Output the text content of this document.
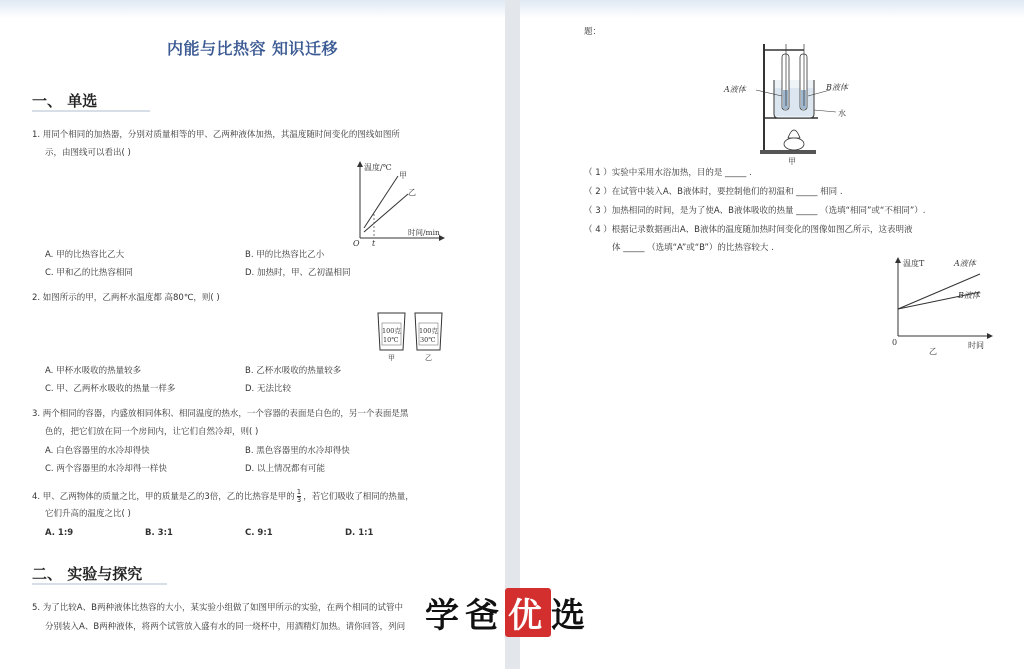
内能与比热容 知识迁移
一、 单选
1. 用同个相同的加热器，分别对质量相等的甲、乙两种液体加热，其温度随时间变化的图线如图所
示，由图线可以看出( )
温度/℃
时间/min
O t
甲
乙
A. 甲的比热容比乙大	B. 甲的比热容比乙小
C. 甲和乙的比热容相同	D. 加热时，甲、乙初温相同
2. 如图所示的甲，乙两杯水温度都 高80℃，则( )
100克
10℃
100克
30℃
甲	乙
A. 甲杯水吸收的热量较多	B. 乙杯水吸收的热量较多
C. 甲、乙两杯水吸收的热量一样多	D. 无法比较
3. 两个相同的容器，内盛放相同体积、相同温度的热水，一个容器的表面是白色的，另一个表面是黑
色的，把它们放在同一个房间内，让它们自然冷却，则( )
A. 白色容器里的水冷却得快	B. 黑色容器里的水冷却得快
C. 两个容器里的水冷却得一样快	D. 以上情况都有可能
4. 甲、乙两物体的质量之比，甲的质量是乙的3倍，乙的比热容是甲的 $\frac{1}{3}$ ，若它们吸收了相同的热量，
它们升高的温度之比( )
A. 1:9	B. 3:1	C. 9:1	D. 1:1
二、 实验与探究
5. 为了比较A、B两种液体比热容的大小，某实验小组做了如图甲所示的实验，在两个相同的试管中
分别装入A、B两种液体，将两个试管放入盛有水的同一烧杯中，用酒精灯加热。请你回答，列问
题：
A液体	B液体
水
甲
（ 1 ）实验中采用水浴加热，目的是 _____ .
（ 2 ）在试管中装入A、B液体时，要控制他们的初温和 _____ 相同 .
（ 3 ）加热相同的时间，是为了使A、B液体吸收的热量 _____ （选填“相同”或“不相同”）.
（ 4 ）根据记录数据画出A、B液体的温度随加热时间变化的图像如图乙所示，这表明液
体 _____ （选填“A”或“B”）的比热容较大 .
温度T	A液体
B液体
0	时间
乙
学爸优选
